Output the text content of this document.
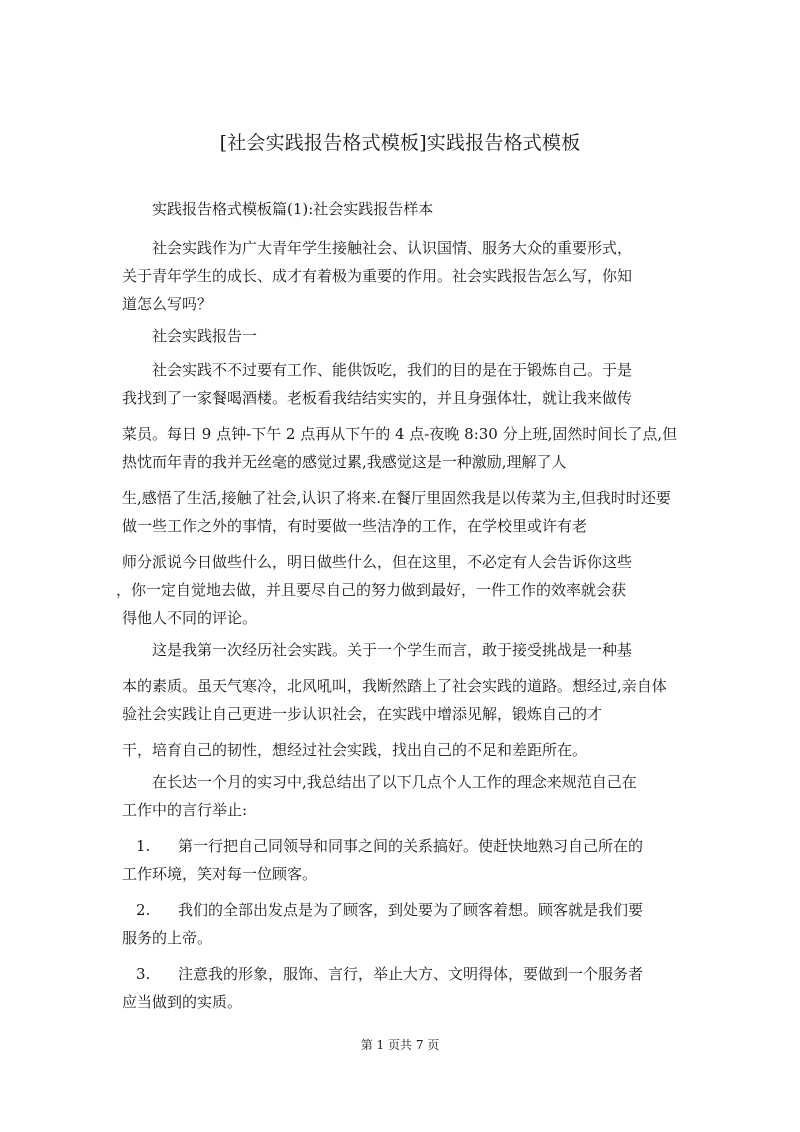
[社会实践报告格式模板]实践报告格式模板
实践报告格式模板篇(1):社会实践报告样本
社会实践作为广大青年学生接触社会、认识国情、服务大众的重要形式，
关于青年学生的成长、成才有着极为重要的作用。社会实践报告怎么写，你知
道怎么写吗？
社会实践报告一
社会实践不不过要有工作、能供饭吃，我们的目的是在于锻炼自己。于是
我找到了一家餐喝酒楼。老板看我结结实实的，并且身强体壮，就让我来做传
菜员。每日 9 点钟-下午 2 点再从下午的 4 点-夜晚 8:30 分上班,固然时间长了点,但
热忱而年青的我并无丝毫的感觉过累,我感觉这是一种激励,理解了人
生,感悟了生活,接触了社会,认识了将来.在餐厅里固然我是以传菜为主,但我时时还要
做一些工作之外的事情，有时要做一些洁净的工作，在学校里或许有老
师分派说今日做些什么，明日做些什么，但在这里，不必定有人会告诉你这些
，你一定自觉地去做，并且要尽自己的努力做到最好，一件工作的效率就会获
得他人不同的评论。
这是我第一次经历社会实践。关于一个学生而言，敢于接受挑战是一种基
本的素质。虽天气寒冷，北风吼叫，我断然踏上了社会实践的道路。想经过,亲自体
验社会实践让自己更进一步认识社会，在实践中增添见解，锻炼自己的才
干，培育自己的韧性，想经过社会实践，找出自己的不足和差距所在。
在长达一个月的实习中,我总结出了以下几点个人工作的理念来规范自己在
工作中的言行举止:
1. 第一行把自己同领导和同事之间的关系搞好。使赶快地熟习自己所在的
工作环境，笑对每一位顾客。
2. 我们的全部出发点是为了顾客，到处要为了顾客着想。顾客就是我们要
服务的上帝。
3. 注意我的形象，服饰、言行，举止大方、文明得体，要做到一个服务者
应当做到的实质。
第 1 页共 7 页
